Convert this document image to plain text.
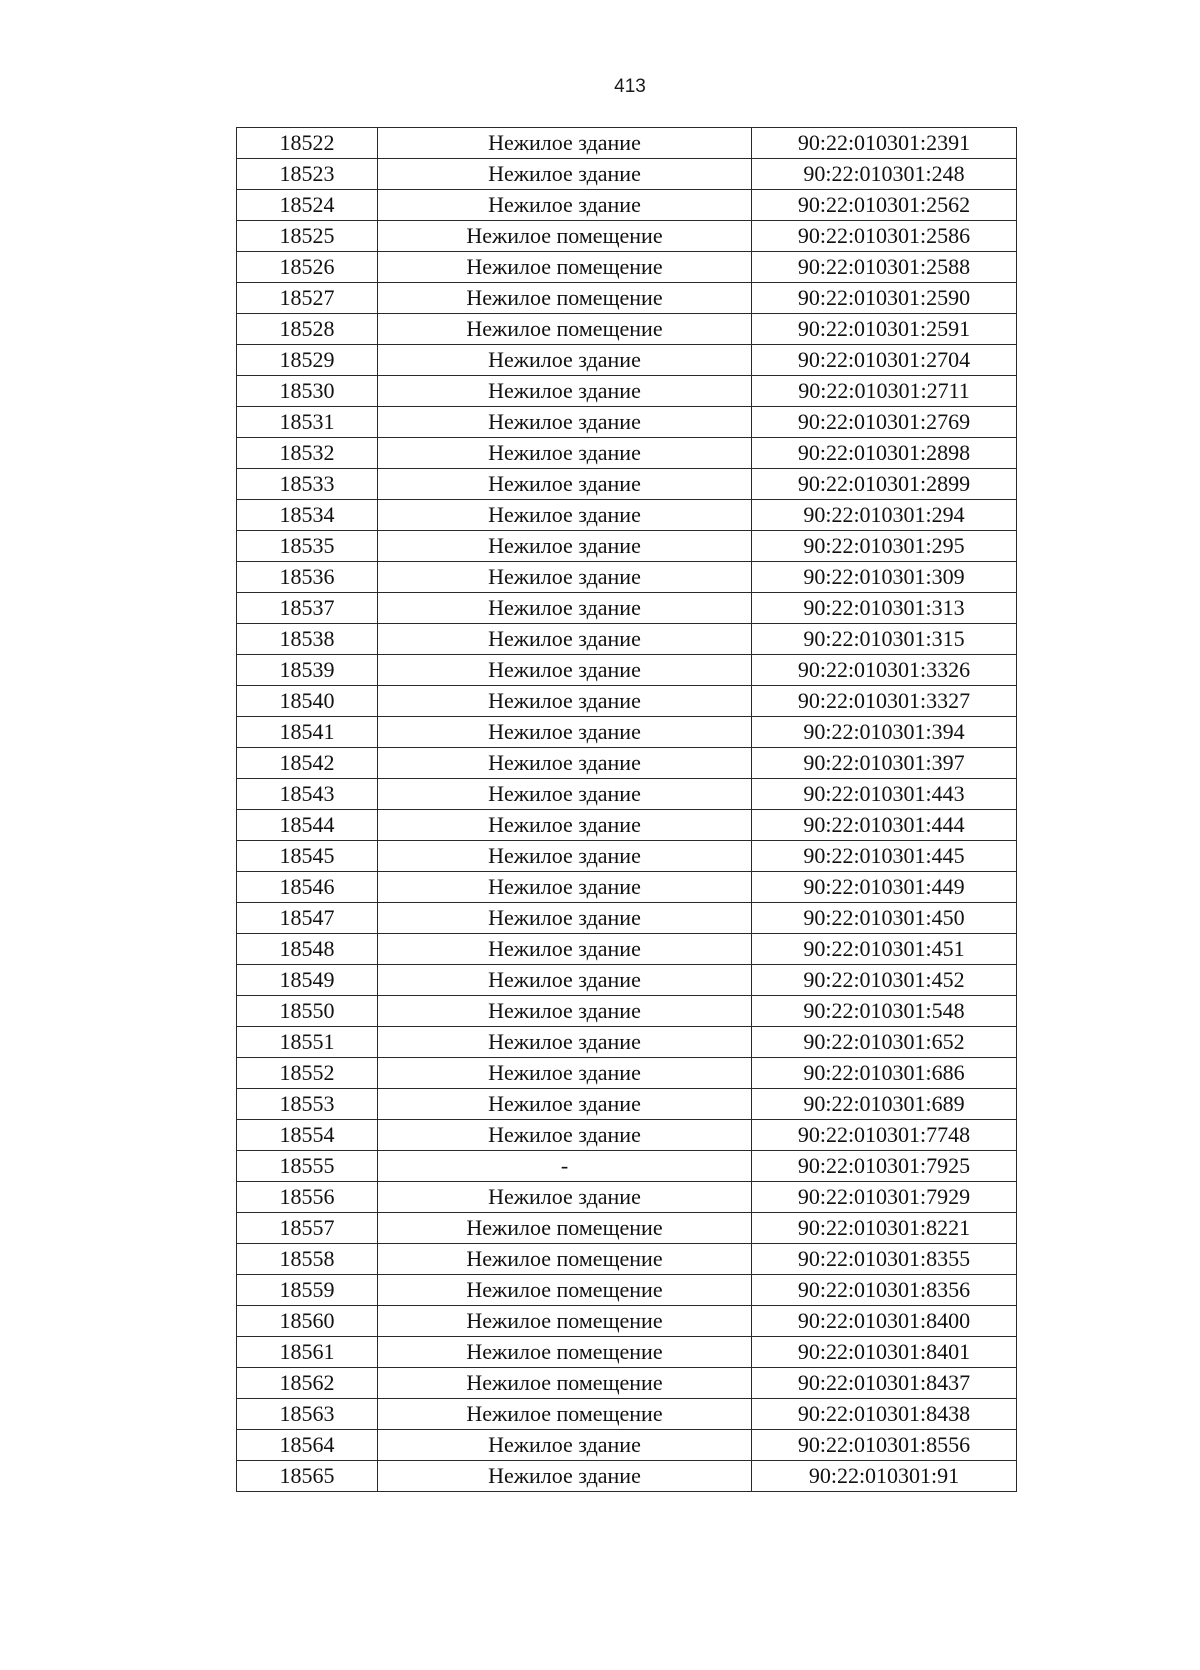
413
18522	Нежилое здание	90:22:010301:2391
18523	Нежилое здание	90:22:010301:248
18524	Нежилое здание	90:22:010301:2562
18525	Нежилое помещение	90:22:010301:2586
18526	Нежилое помещение	90:22:010301:2588
18527	Нежилое помещение	90:22:010301:2590
18528	Нежилое помещение	90:22:010301:2591
18529	Нежилое здание	90:22:010301:2704
18530	Нежилое здание	90:22:010301:2711
18531	Нежилое здание	90:22:010301:2769
18532	Нежилое здание	90:22:010301:2898
18533	Нежилое здание	90:22:010301:2899
18534	Нежилое здание	90:22:010301:294
18535	Нежилое здание	90:22:010301:295
18536	Нежилое здание	90:22:010301:309
18537	Нежилое здание	90:22:010301:313
18538	Нежилое здание	90:22:010301:315
18539	Нежилое здание	90:22:010301:3326
18540	Нежилое здание	90:22:010301:3327
18541	Нежилое здание	90:22:010301:394
18542	Нежилое здание	90:22:010301:397
18543	Нежилое здание	90:22:010301:443
18544	Нежилое здание	90:22:010301:444
18545	Нежилое здание	90:22:010301:445
18546	Нежилое здание	90:22:010301:449
18547	Нежилое здание	90:22:010301:450
18548	Нежилое здание	90:22:010301:451
18549	Нежилое здание	90:22:010301:452
18550	Нежилое здание	90:22:010301:548
18551	Нежилое здание	90:22:010301:652
18552	Нежилое здание	90:22:010301:686
18553	Нежилое здание	90:22:010301:689
18554	Нежилое здание	90:22:010301:7748
18555	-	90:22:010301:7925
18556	Нежилое здание	90:22:010301:7929
18557	Нежилое помещение	90:22:010301:8221
18558	Нежилое помещение	90:22:010301:8355
18559	Нежилое помещение	90:22:010301:8356
18560	Нежилое помещение	90:22:010301:8400
18561	Нежилое помещение	90:22:010301:8401
18562	Нежилое помещение	90:22:010301:8437
18563	Нежилое помещение	90:22:010301:8438
18564	Нежилое здание	90:22:010301:8556
18565	Нежилое здание	90:22:010301:91
